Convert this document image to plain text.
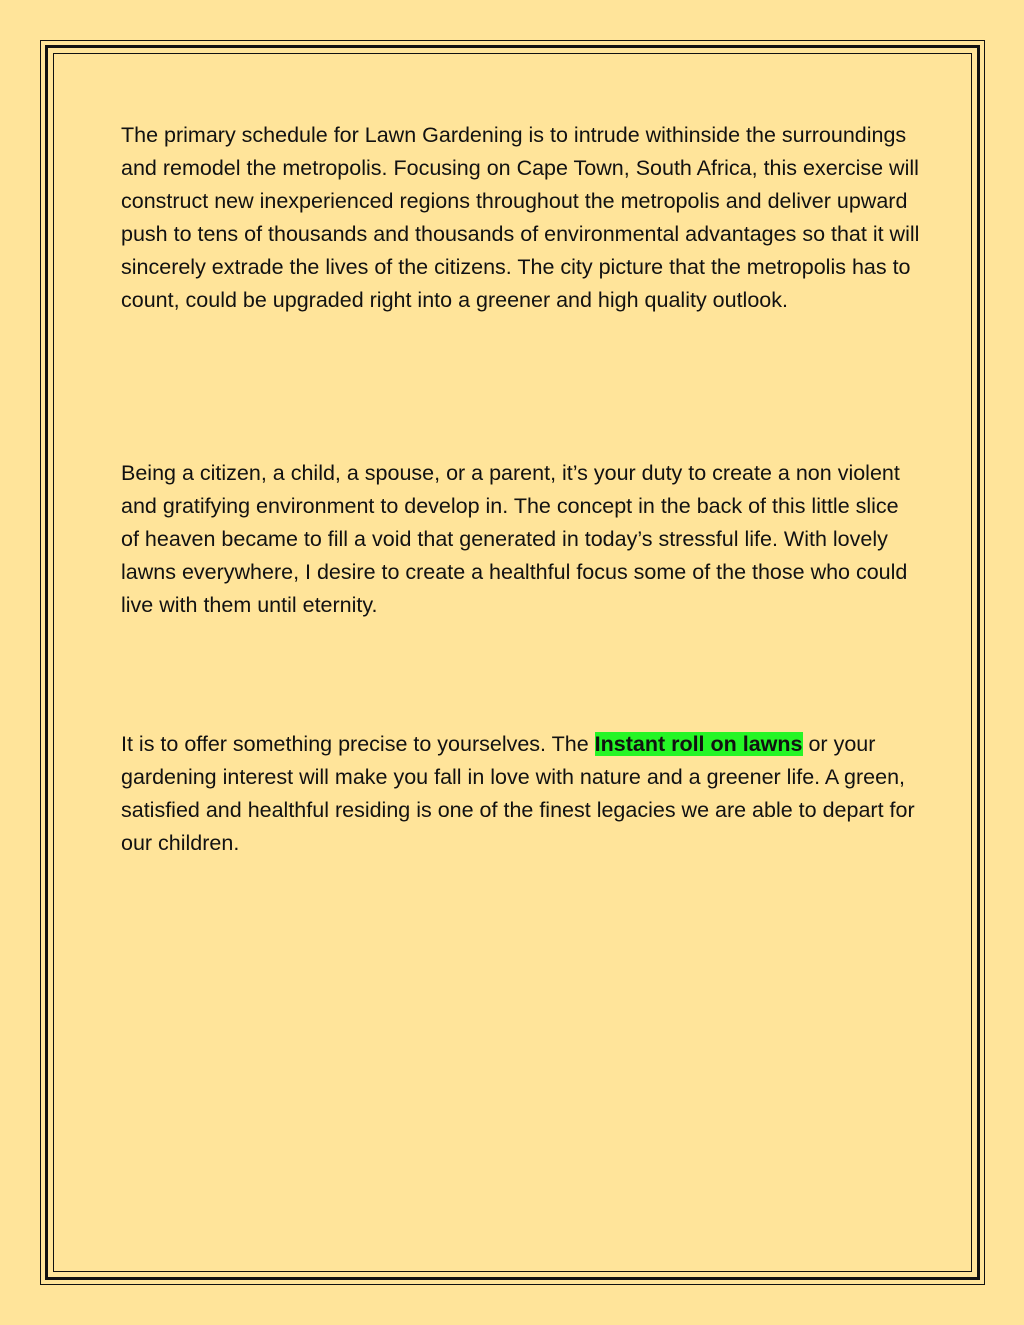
The primary schedule for Lawn Gardening is to intrude withinside the surroundings and remodel the metropolis. Focusing on Cape Town, South Africa, this exercise will construct new inexperienced regions throughout the metropolis and deliver upward push to tens of thousands and thousands of environmental advantages so that it will sincerely extrade the lives of the citizens. The city picture that the metropolis has to count, could be upgraded right into a greener and high quality outlook.

Being a citizen, a child, a spouse, or a parent, it’s your duty to create a non violent and gratifying environment to develop in. The concept in the back of this little slice of heaven became to fill a void that generated in today’s stressful life. With lovely lawns everywhere, I desire to create a healthful focus some of the those who could live with them until eternity.

It is to offer something precise to yourselves. The Instant roll on lawns or your gardening interest will make you fall in love with nature and a greener life. A green, satisfied and healthful residing is one of the finest legacies we are able to depart for our children.
